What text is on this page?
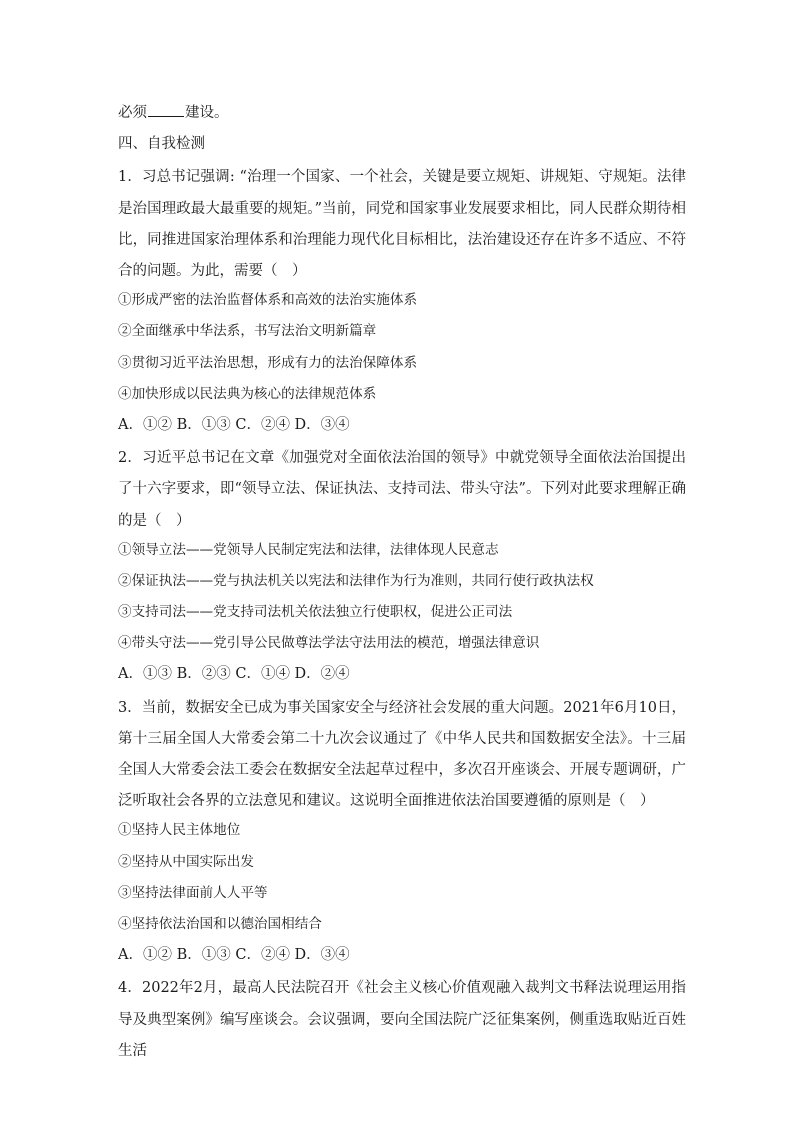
必须	建设。
四、自我检测
1．习总书记强调: “治理一个国家、一个社会，关键是要立规矩、讲规矩、守规矩。法律是治国理政最大最重要的规矩。”当前，同党和国家事业发展要求相比，同人民群众期待相比，同推进国家治理体系和治理能力现代化目标相比，法治建设还存在许多不适应、不符合的问题。为此，需要（　）
①形成严密的法治监督体系和高效的法治实施体系
②全面继承中华法系，书写法治文明新篇章
③贯彻习近平法治思想，形成有力的法治保障体系
④加快形成以民法典为核心的法律规范体系
A．①② B．①③ C．②④ D．③④
2．习近平总书记在文章《加强党对全面依法治国的领导》中就党领导全面依法治国提出了十六字要求，即“领导立法、保证执法、支持司法、带头守法”。下列对此要求理解正确的是（　）
①领导立法——党领导人民制定宪法和法律，法律体现人民意志
②保证执法——党与执法机关以宪法和法律作为行为准则，共同行使行政执法权
③支持司法——党支持司法机关依法独立行使职权，促进公正司法
④带头守法——党引导公民做尊法学法守法用法的模范，增强法律意识
A．①③ B．②③ C．①④ D．②④
3．当前，数据安全已成为事关国家安全与经济社会发展的重大问题。2021年6月10日，第十三届全国人大常委会第二十九次会议通过了《中华人民共和国数据安全法》。十三届全国人大常委会法工委会在数据安全法起草过程中，多次召开座谈会、开展专题调研，广泛听取社会各界的立法意见和建议。这说明全面推进依法治国要遵循的原则是（　）
①坚持人民主体地位
②坚持从中国实际出发
③坚持法律面前人人平等
④坚持依法治国和以德治国相结合
A．①② B．①③ C．②④ D．③④
4．2022年2月，最高人民法院召开《社会主义核心价值观融入裁判文书释法说理运用指导及典型案例》编写座谈会。会议强调，要向全国法院广泛征集案例，侧重选取贴近百姓生活
